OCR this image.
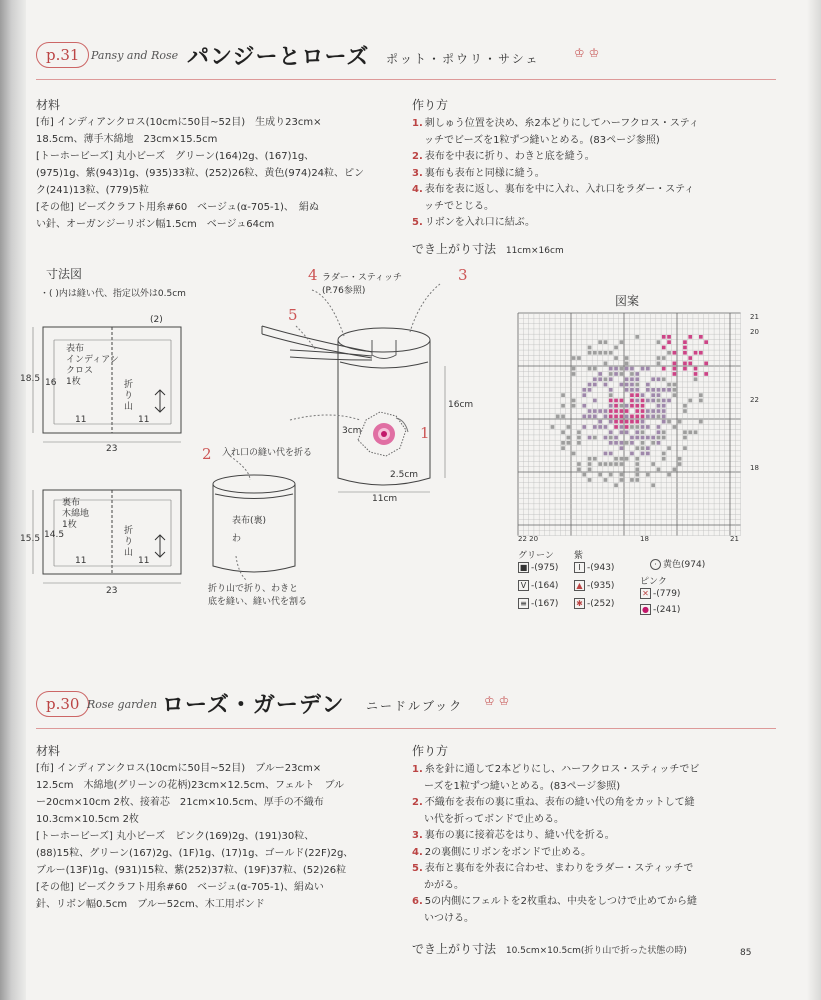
p.31	Pansy and Rose パンジーとローズ ポット・ポウリ・サシェ	♔ ♔
材料
[布] インディアンクロス(10cmに50目~52目)　生成り23cm×
18.5cm、薄手木綿地　23cm×15.5cm
[トーホービーズ] 丸小ビーズ　グリーン(164)2g、(167)1g、
(975)1g、紫(943)1g、(935)33粒、(252)26粒、黄色(974)24粒、ピン
ク(241)13粒、(779)5粒
[その他] ビーズクラフト用糸#60　ベージュ(α-705-1)、　絹ぬ
い針、オーガンジーリボン幅1.5cm　ベージュ64cm
作り方
1. 刺しゅう位置を決め、糸2本どりにしてハーフクロス・スティ
ッチでビーズを1粒ずつ縫いとめる。(83ページ参照)
2. 表布を中表に折り、わきと底を縫う。
3. 裏布も表布と同様に縫う。
4. 表布を表に返し、裏布を中に入れ、入れ口をラダー・スティ
ッチでとじる。
5. リボンを入れ口に結ぶ。
でき上がり寸法 11cm×16cm
寸法図
・( )内は縫い代、指定以外は0.5cm
(2)
表布
インディアン
クロス
1枚	折
り
山
18.5 16
11	11
23
裏布
木綿地
1枚
折
り
山
15.5 14.5
11	11
23
4 ラダー・スティッチ
(P.76参照)
3
5
2 入れ口の縫い代を折る
1
16cm
3cm
2.5cm
11cm
表布(裏)
わ
折り山で折り、わきと
底を縫い、縫い代を割る
図案
21
20
22
18
22 20	18	21
グリーン 紫
· 黄色(974)
ピンク
■ -(975)
V -(164)
≡ -(167)
I -(943)
▲ -(935)
✱ -(252)
✕ -(779)
● -(241)
p.30 Rose garden ローズ・ガーデン ニードルブック ♔ ♔
材料
[布] インディアンクロス(10cmに50目~52目)　ブルー23cm×
12.5cm　木綿地(グリーンの花柄)23cm×12.5cm、フェルト　ブル
ー20cm×10cm 2枚、接着芯　21cm×10.5cm、厚手の不織布
10.3cm×10.5cm 2枚
[トーホービーズ] 丸小ビーズ　ピンク(169)2g、(191)30粒、
(88)15粒、グリーン(167)2g、(1F)1g、(17)1g、ゴールド(22F)2g、
ブルー(13F)1g、(931)15粒、紫(252)37粒、(19F)37粒、(52)26粒
[その他] ビーズクラフト用糸#60　ベージュ(α-705-1)、絹ぬい
針、リボン幅0.5cm　ブルー52cm、木工用ボンド
作り方
1. 糸を針に通して2本どりにし、ハーフクロス・スティッチでビ
ーズを1粒ずつ縫いとめる。(83ページ参照)
2. 不織布を表布の裏に重ね、表布の縫い代の角をカットして縫
い代を折ってボンドで止める。
3. 裏布の裏に接着芯をはり、縫い代を折る。
4. 2の裏側にリボンをボンドで止める。
5. 表布と裏布を外表に合わせ、まわりをラダー・スティッチで
かがる。
6. 5の内側にフェルトを2枚重ね、中央をしつけで止めてから縫
いつける。
でき上がり寸法 10.5cm×10.5cm(折り山で折った状態の時)	85
